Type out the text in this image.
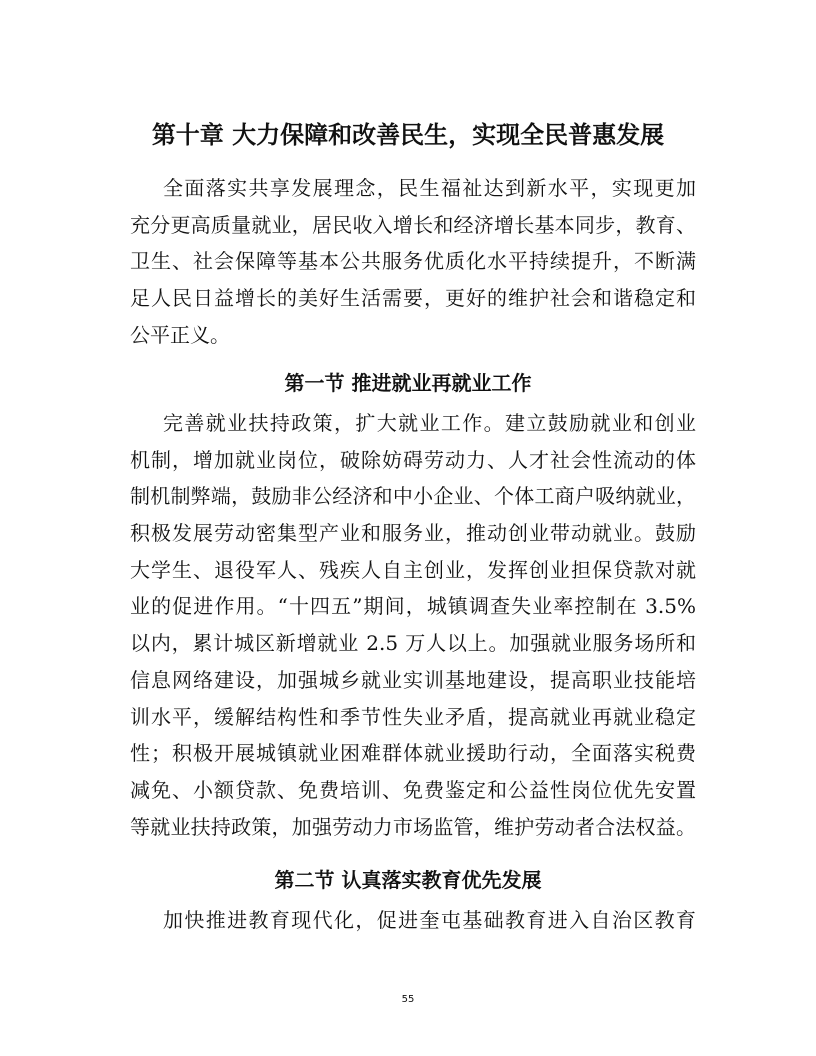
第十章 大力保障和改善民生，实现全民普惠发展
全面落实共享发展理念，民生福祉达到新水平，实现更加
充分更高质量就业，居民收入增长和经济增长基本同步，教育、
卫生、社会保障等基本公共服务优质化水平持续提升，不断满
足人民日益增长的美好生活需要，更好的维护社会和谐稳定和
公平正义。
第一节 推进就业再就业工作
完善就业扶持政策，扩大就业工作。建立鼓励就业和创业
机制，增加就业岗位，破除妨碍劳动力、人才社会性流动的体
制机制弊端，鼓励非公经济和中小企业、个体工商户吸纳就业，
积极发展劳动密集型产业和服务业，推动创业带动就业。鼓励
大学生、退役军人、残疾人自主创业，发挥创业担保贷款对就
业的促进作用。“十四五”期间，城镇调查失业率控制在 3.5%
以内，累计城区新增就业 2.5 万人以上。加强就业服务场所和
信息网络建设，加强城乡就业实训基地建设，提高职业技能培
训水平，缓解结构性和季节性失业矛盾，提高就业再就业稳定
性；积极开展城镇就业困难群体就业援助行动，全面落实税费
减免、小额贷款、免费培训、免费鉴定和公益性岗位优先安置
等就业扶持政策，加强劳动力市场监管，维护劳动者合法权益。
第二节 认真落实教育优先发展
加快推进教育现代化，促进奎屯基础教育进入自治区教育
55
